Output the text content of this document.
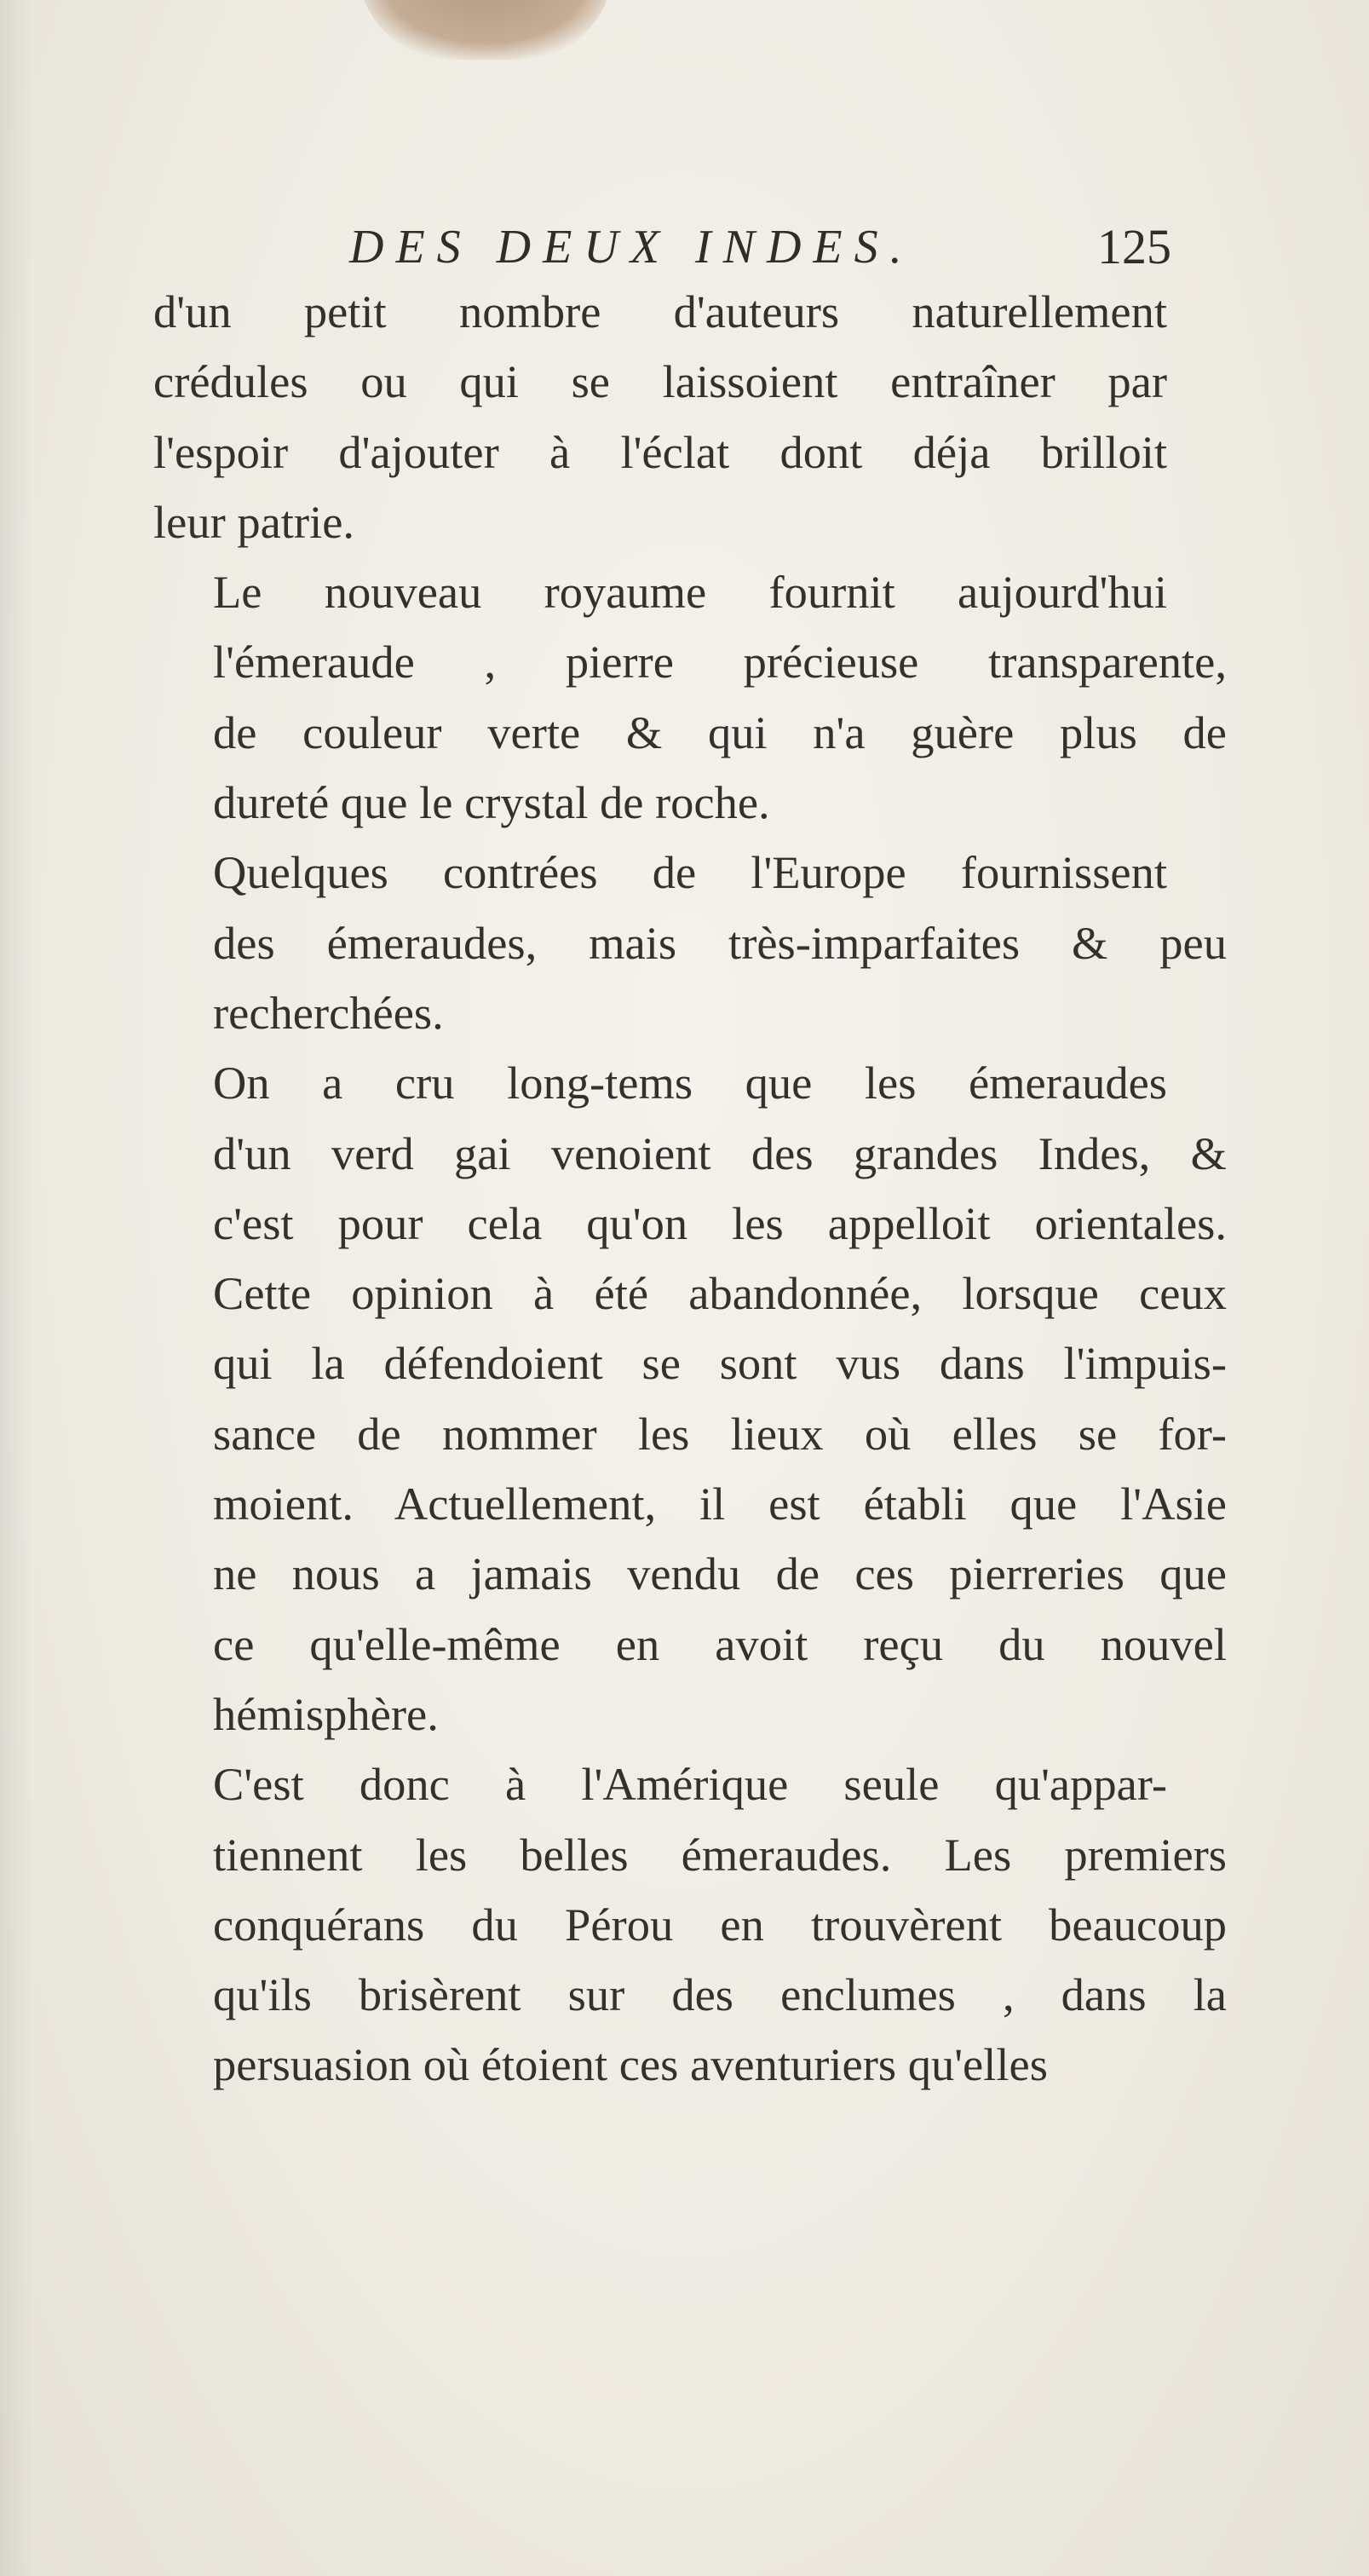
DES DEUX INDES.	125

d'un petit nombre d'auteurs naturellement
crédules ou qui se laissoient entraîner par
l'espoir d'ajouter à l'éclat dont déja brilloit
leur patrie.

Le nouveau royaume fournit aujourd'hui
l'émeraude , pierre précieuse transparente,
de couleur verte & qui n'a guère plus de
dureté que le crystal de roche.

Quelques contrées de l'Europe fournissent
des émeraudes, mais très-imparfaites & peu
recherchées.

On a cru long-tems que les émeraudes
d'un verd gai venoient des grandes Indes, &
c'est pour cela qu'on les appelloit orientales.
Cette opinion à été abandonnée, lorsque ceux
qui la défendoient se sont vus dans l'impuis-
sance de nommer les lieux où elles se for-
moient. Actuellement, il est établi que l'Asie
ne nous a jamais vendu de ces pierreries que
ce qu'elle-même en avoit reçu du nouvel
hémisphère.

C'est donc à l'Amérique seule qu'appar-
tiennent les belles émeraudes. Les premiers
conquérans du Pérou en trouvèrent beaucoup
qu'ils brisèrent sur des enclumes , dans la
persuasion où étoient ces aventuriers qu'elles
